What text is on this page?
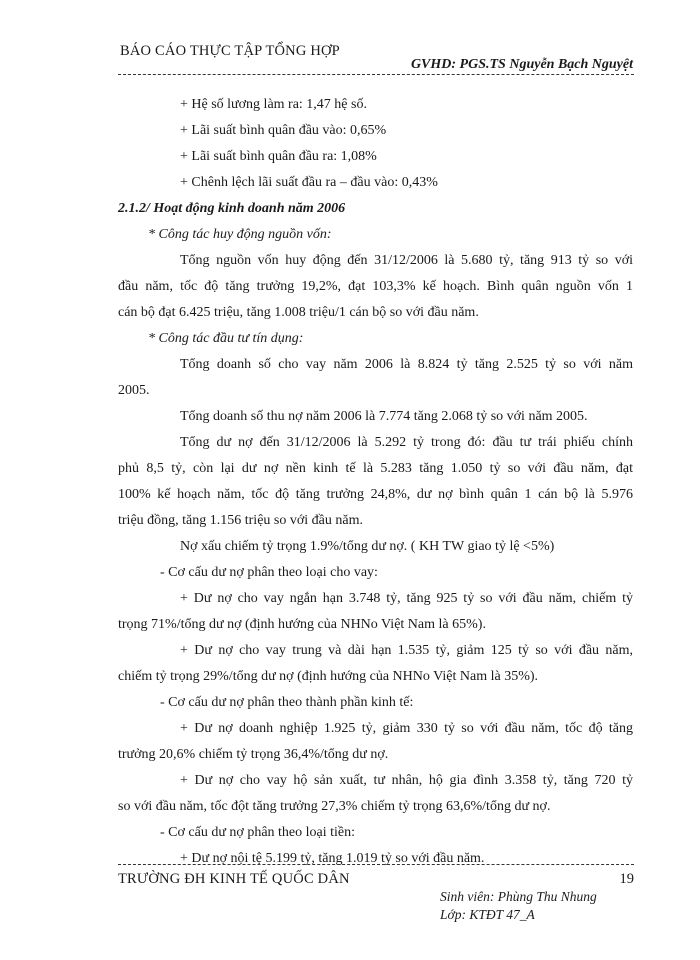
BÁO CÁO THỰC TẬP TỔNG HỢP
GVHD: PGS.TS Nguyễn Bạch Nguyệt
+ Hệ số lương làm ra: 1,47 hệ số.
+ Lãi suất bình quân đầu vào: 0,65%
+ Lãi suất bình quân đầu ra: 1,08%
+ Chênh lệch lãi suất đầu ra – đầu vào: 0,43%
2.1.2/ Hoạt động kinh doanh năm 2006
* Công tác huy động nguồn vốn:
Tổng nguồn vốn huy động đến 31/12/2006 là 5.680 tỷ, tăng 913 tỷ so với
đầu năm, tốc độ tăng trưởng 19,2%, đạt 103,3% kế hoạch. Bình quân nguồn vốn 1
cán bộ đạt 6.425 triệu, tăng 1.008 triệu/1 cán bộ so với đầu năm.
* Công tác đầu tư tín dụng:
Tổng doanh số cho vay năm 2006 là 8.824 tỷ tăng 2.525 tỷ so với năm
2005.
Tổng doanh số thu nợ năm 2006 là 7.774 tăng 2.068 tỷ so với năm 2005.
Tổng dư nợ đến 31/12/2006 là 5.292 tỷ trong đó: đầu tư trái phiếu chính
phủ 8,5 tỷ, còn lại dư nợ nền kinh tế là 5.283 tăng 1.050 tỷ so với đầu năm, đạt
100% kế hoạch năm, tốc độ tăng trưởng 24,8%, dư nợ bình quân 1 cán bộ là 5.976
triệu đồng, tăng 1.156 triệu so với đầu năm.
Nợ xấu chiếm tỷ trọng 1.9%/tổng dư nợ. ( KH TW giao tỷ lệ <5%)
- Cơ cấu dư nợ phân theo loại cho vay:
+ Dư nợ cho vay ngắn hạn 3.748 tỷ, tăng 925 tỷ so với đầu năm, chiếm tỷ
trọng 71%/tổng dư nợ (định hướng của NHNo Việt Nam là 65%).
+ Dư nợ cho vay trung và dài hạn 1.535 tỷ, giảm 125 tỷ so với đầu năm,
chiếm tỷ trọng 29%/tổng dư nợ (định hướng của NHNo Việt Nam là 35%).
- Cơ cấu dư nợ phân theo thành phần kinh tế:
+ Dư nợ doanh nghiệp 1.925 tỷ, giảm 330 tỷ so với đầu năm, tốc độ tăng
trưởng 20,6% chiếm tỷ trọng 36,4%/tổng dư nợ.
+ Dư nợ cho vay hộ sản xuất, tư nhân, hộ gia đình 3.358 tỷ, tăng 720 tỷ
so với đầu năm, tốc đột tăng trưởng 27,3% chiếm tỷ trọng 63,6%/tổng dư nợ.
- Cơ cấu dư nợ phân theo loại tiền:
+ Dư nợ nội tệ 5.199 tỷ, tăng 1.019 tỷ so với đầu năm.
TRƯỜNG ĐH KINH TẾ QUỐC DÂN	19
Sinh viên: Phùng Thu Nhung
Lớp: KTĐT 47_A
